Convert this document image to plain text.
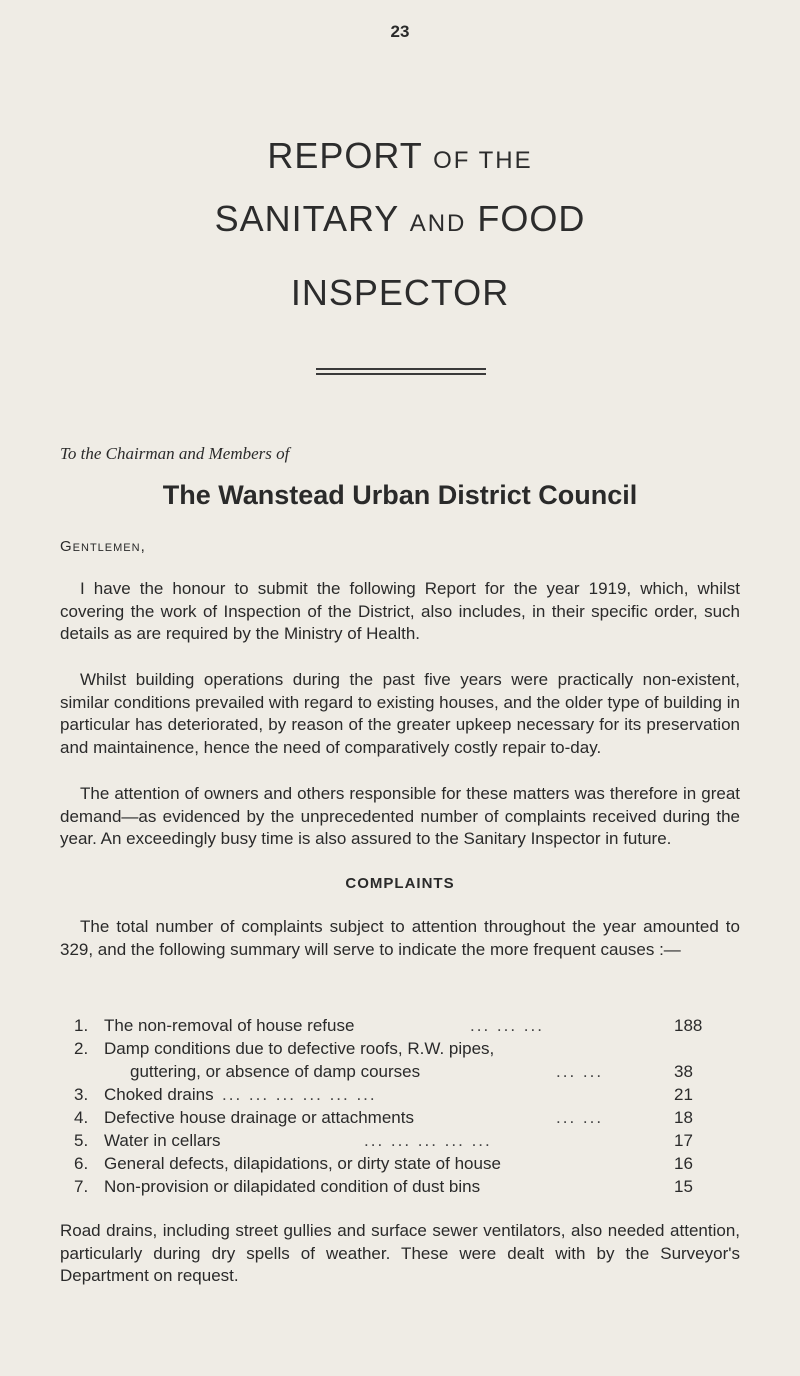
23
REPORT OF THE
SANITARY AND FOOD
INSPECTOR
To the Chairman and Members of
The Wanstead Urban District Council
Gentlemen,
I have the honour to submit the following Report for the year 1919, which, whilst covering the work of Inspection of the District, also includes, in their specific order, such details as are required by the Ministry of Health.
Whilst building operations during the past five years were practically non-existent, similar conditions prevailed with regard to existing houses, and the older type of building in particular has deteriorated, by reason of the greater upkeep necessary for its preservation and maintainence, hence the need of comparatively costly repair to-day.
The attention of owners and others responsible for these matters was therefore in great demand—as evidenced by the unprecedented number of complaints received during the year. An exceedingly busy time is also assured to the Sanitary Inspector in future.
COMPLAINTS
The total number of complaints subject to attention throughout the year amounted to 329, and the following summary will serve to indicate the more frequent causes :—
1. The non-removal of house refuse	... ... ...	188
2. Damp conditions due to defective roofs, R.W. pipes,
guttering, or absence of damp courses	... ...	38
3. Choked drains ... ... ... ... ... ...	21
4. Defective house drainage or attachments	... ...	18
5. Water in cellars	... ... ... ... ...	17
6. General defects, dilapidations, or dirty state of house	16
7. Non-provision or dilapidated condition of dust bins	15
Road drains, including street gullies and surface sewer ventilators, also needed attention, particularly during dry spells of weather. These were dealt with by the Surveyor's Department on request.
